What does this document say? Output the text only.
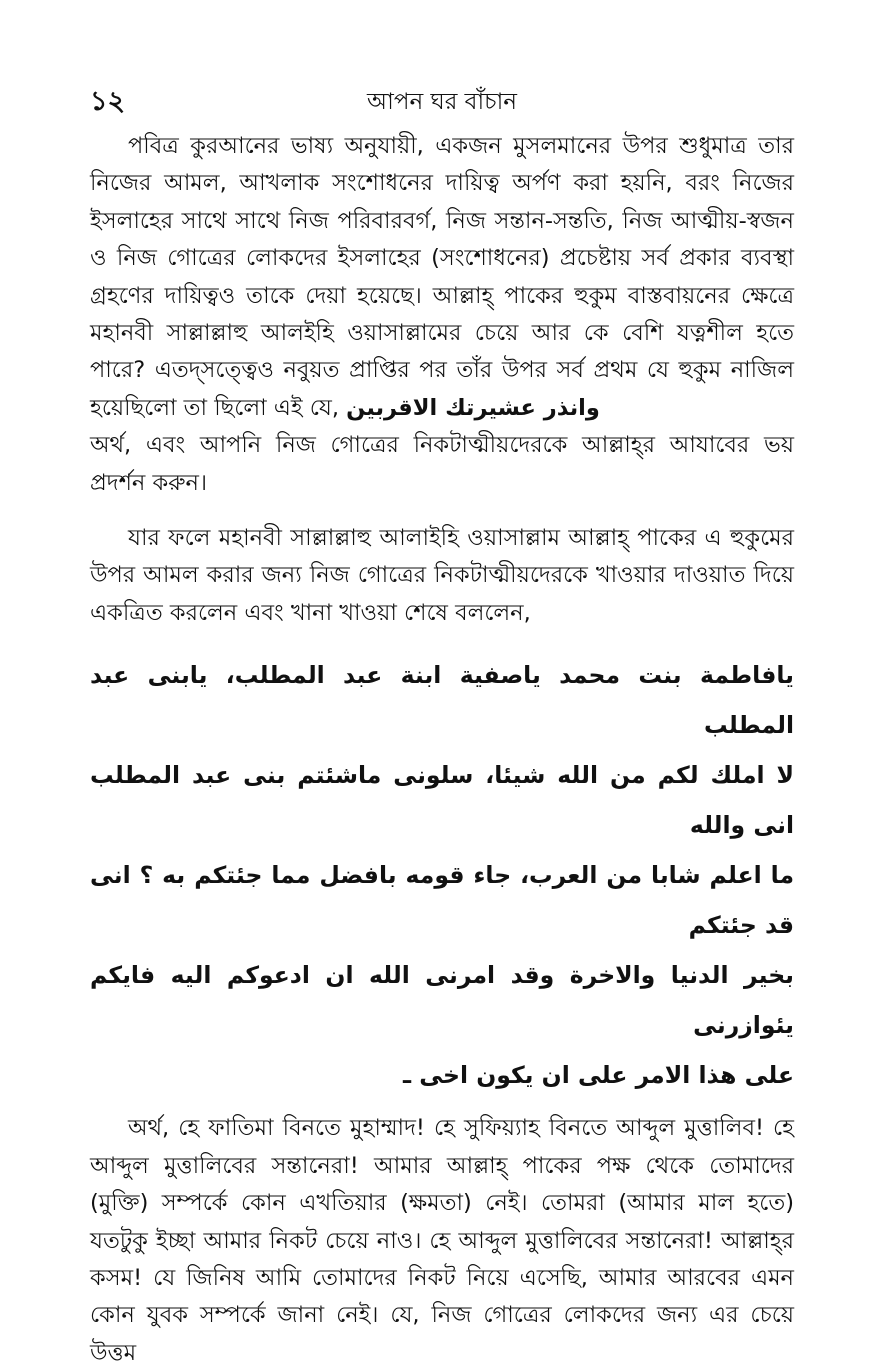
১২	আপন ঘর বাঁচান

পবিত্র কুরআনের ভাষ্য অনুযায়ী, একজন মুসলমানের উপর শুধুমাত্র তার নিজের আমল, আখলাক সংশোধনের দায়িত্ব অর্পণ করা হয়নি, বরং নিজের ইসলাহের সাথে সাথে নিজ পরিবারবর্গ, নিজ সন্তান-সন্ততি, নিজ আত্মীয়-স্বজন ও নিজ গোত্রের লোকদের ইসলাহের (সংশোধনের) প্রচেষ্টায় সর্ব প্রকার ব্যবস্থা গ্রহণের দায়িত্বও তাকে দেয়া হয়েছে। আল্লাহ্ পাকের হুকুম বাস্তবায়নের ক্ষেত্রে মহানবী সাল্লাল্লাহু আলইহি ওয়াসাল্লামের চেয়ে আর কে বেশি যত্নশীল হতে পারে? এতদ্‌সত্ত্বেও নবুয়ত প্রাপ্তির পর তাঁর উপর সর্ব প্রথম যে হুকুম নাজিল হয়েছিলো তা ছিলো এই যে, وانذر عشيرتك الاقربين
অর্থ, এবং আপনি নিজ গোত্রের নিকটাত্মীয়দেরকে আল্লাহ্‌র আযাবের ভয় প্রদর্শন করুন।

যার ফলে মহানবী সাল্লাল্লাহু আলাইহি ওয়াসাল্লাম আল্লাহ্ পাকের এ হুকুমের উপর আমল করার জন্য নিজ গোত্রের নিকটাত্মীয়দেরকে খাওয়ার দাওয়াত দিয়ে একত্রিত করলেন এবং খানা খাওয়া শেষে বললেন,

يافاطمة بنت محمد ياصفية ابنة عبد المطلب، يابنى عبد المطلب
لا املك لكم من الله شيئا، سلونى ماشئتم بنى عبد المطلب انى والله
ما اعلم شابا من العرب، جاء قومه بافضل مما جئتكم به ؟ انى قد جئتكم
بخير الدنيا والاخرة وقد امرنى الله ان ادعوكم اليه فايكم يئوازرنى
على هذا الامر على ان يكون اخى ـ

অর্থ, হে ফাতিমা বিনতে মুহাম্মাদ! হে সুফিয়্যাহ বিনতে আব্দুল মুত্তালিব! হে আব্দুল মুত্তালিবের সন্তানেরা! আমার আল্লাহ্ পাকের পক্ষ থেকে তোমাদের (মুক্তি) সম্পর্কে কোন এখতিয়ার (ক্ষমতা) নেই। তোমরা (আমার মাল হতে) যতটুকু ইচ্ছা আমার নিকট চেয়ে নাও। হে আব্দুল মুত্তালিবের সন্তানেরা! আল্লাহ্‌র কসম! যে জিনিষ আমি তোমাদের নিকট নিয়ে এসেছি, আমার আরবের এমন কোন যুবক সম্পর্কে জানা নেই। যে, নিজ গোত্রের লোকদের জন্য এর চেয়ে উত্তম
